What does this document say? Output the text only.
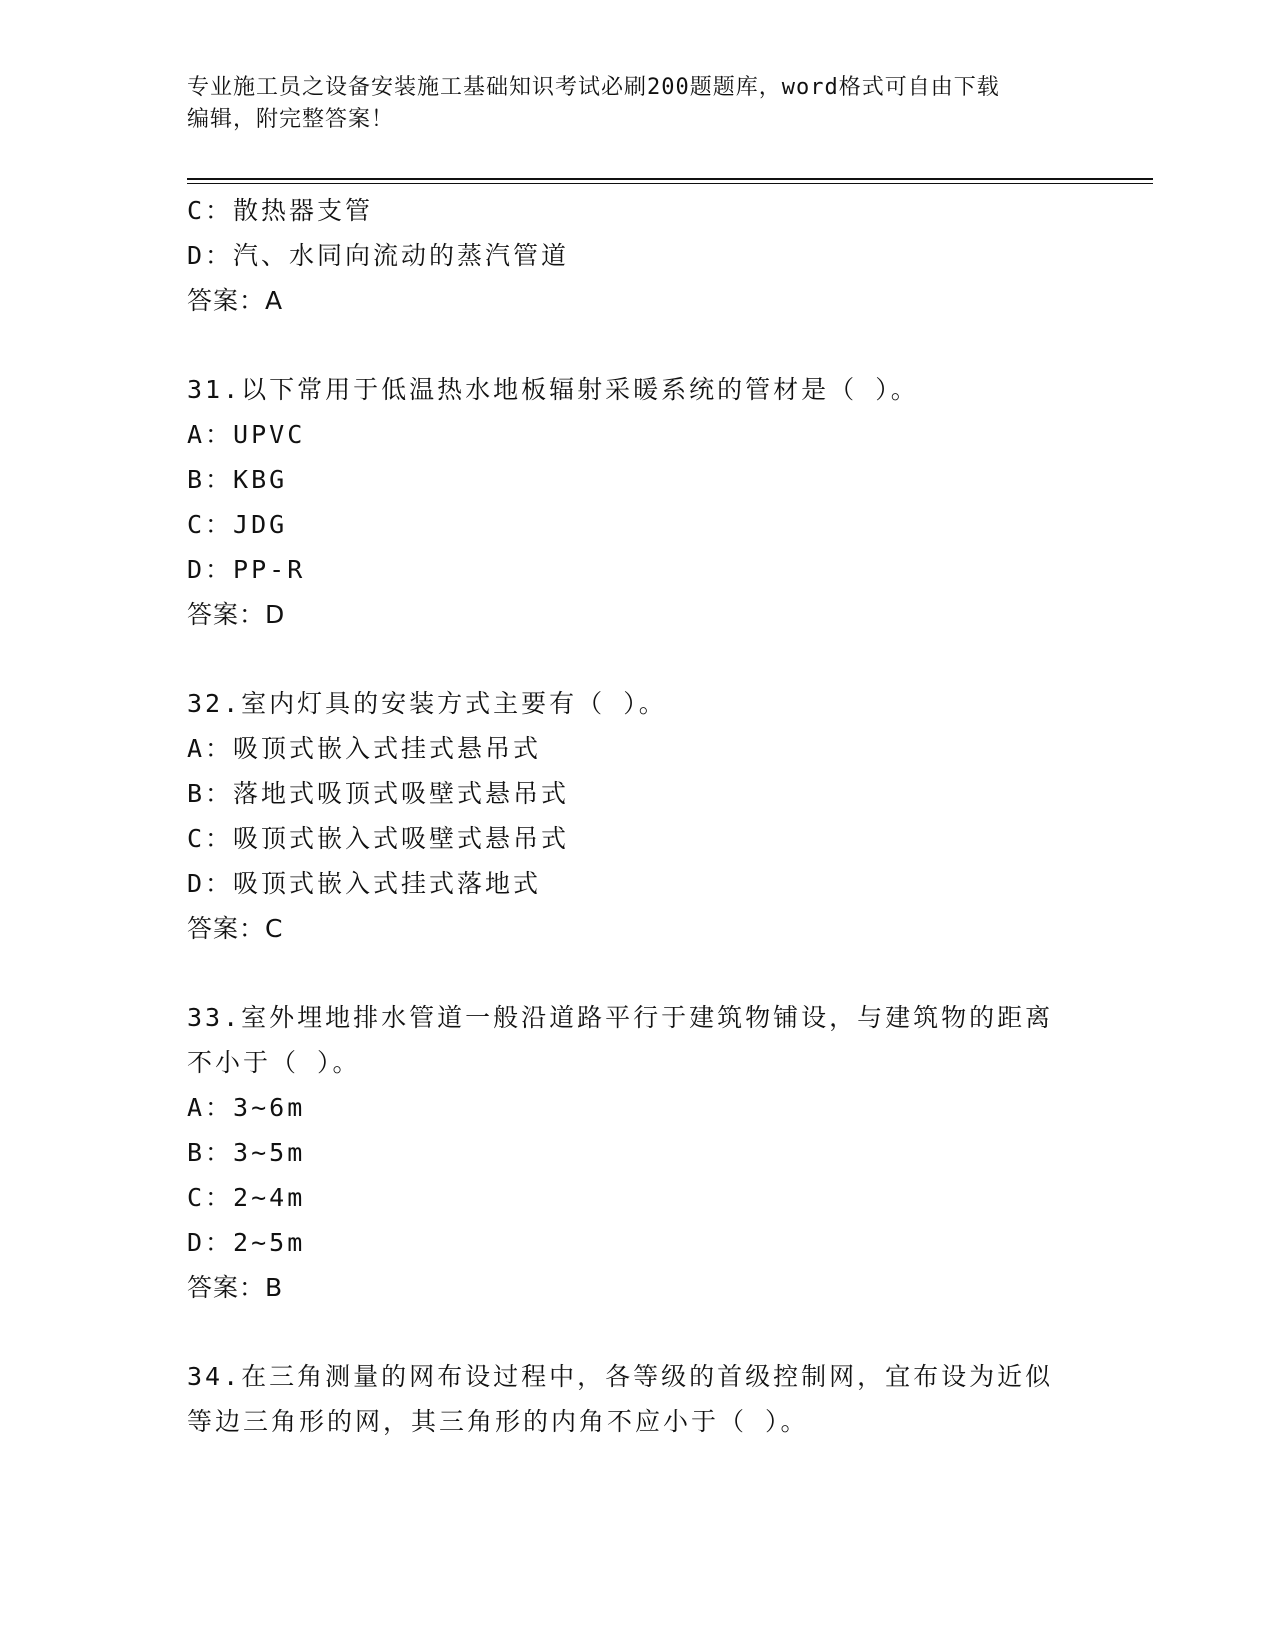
专业施工员之设备安装施工基础知识考试必刷200题题库，word格式可自由下载
编辑，附完整答案！
C：散热器支管
D：汽、水同向流动的蒸汽管道
答案：A
31.以下常用于低温热水地板辐射采暖系统的管材是（ ）。
A：UPVC
B：KBG
C：JDG
D：PP-R
答案：D
32.室内灯具的安装方式主要有（ ）。
A：吸顶式嵌入式挂式悬吊式
B：落地式吸顶式吸壁式悬吊式
C：吸顶式嵌入式吸壁式悬吊式
D：吸顶式嵌入式挂式落地式
答案：C
33.室外埋地排水管道一般沿道路平行于建筑物铺设，与建筑物的距离
不小于（ ）。
A：3~6m
B：3~5m
C：2~4m
D：2~5m
答案：B
34.在三角测量的网布设过程中，各等级的首级控制网，宜布设为近似
等边三角形的网，其三角形的内角不应小于（ ）。
